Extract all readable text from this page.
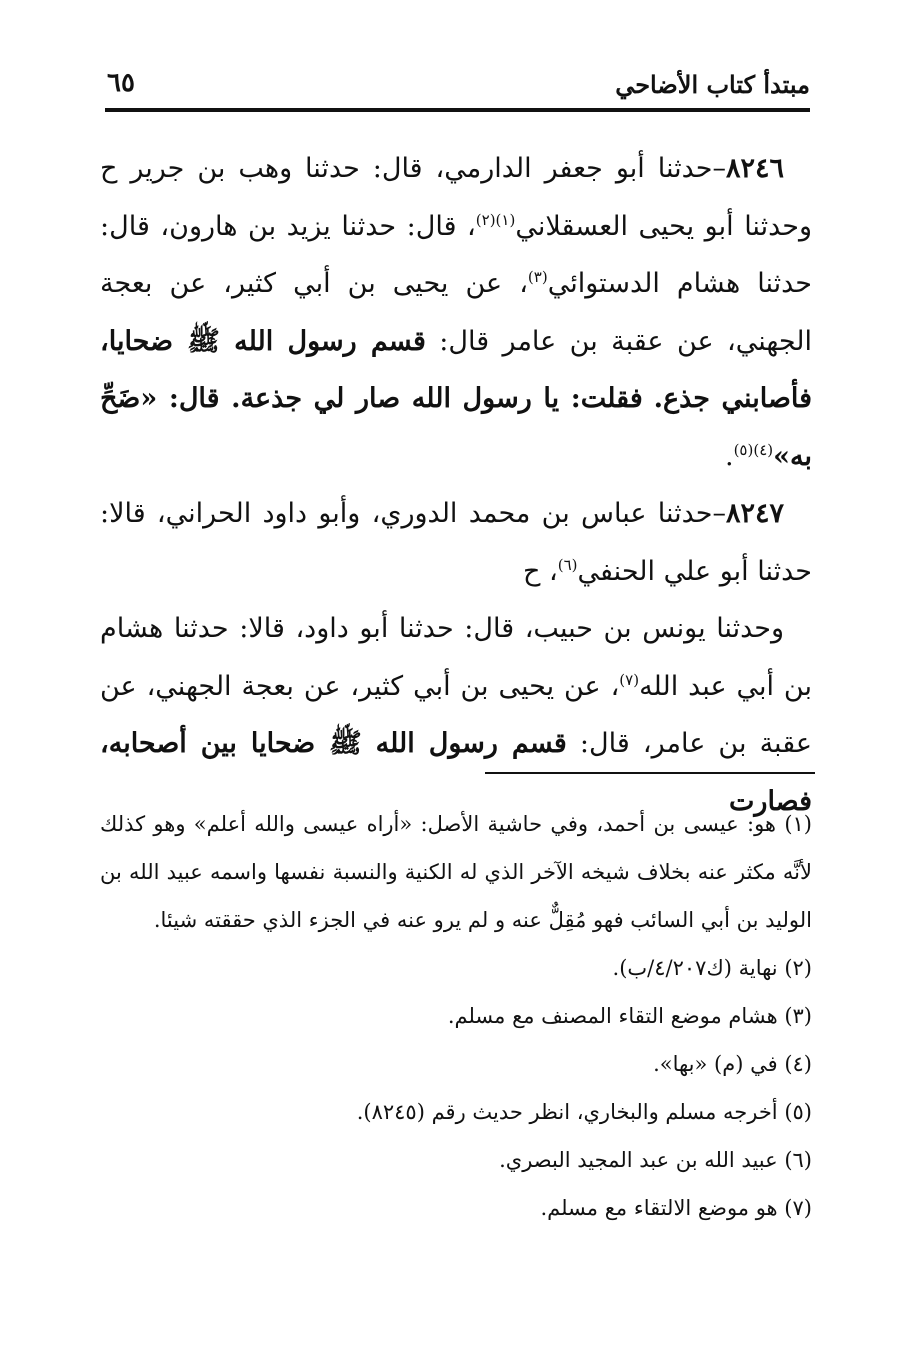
مبتدأ كتاب الأضاحي
٦٥

٨٢٤٦–حدثنا أبو جعفر الدارمي، قال: حدثنا وهب بن جرير ح وحدثنا أبو يحيى العسقلاني$^{(١)(٢)}$، قال: حدثنا يزيد بن هارون، قال: حدثنا هشام الدستوائي$^{(٣)}$، عن يحيى بن أبي كثير، عن بعجة الجهني، عن عقبة بن عامر قال: قسم رسول الله ﷺ ضحايا، فأصابني جذع. فقلت: يا رسول الله صار لي جذعة. قال: «ضَحِّ به»$^{(٤)(٥)}$.

٨٢٤٧–حدثنا عباس بن محمد الدوري، وأبو داود الحراني، قالا: حدثنا أبو علي الحنفي$^{(٦)}$، ح

وحدثنا يونس بن حبيب، قال: حدثنا أبو داود، قالا: حدثنا هشام بن أبي عبد الله$^{(٧)}$، عن يحيى بن أبي كثير، عن بعجة الجهني، عن عقبة بن عامر، قال: قسم رسول الله ﷺ ضحايا بين أصحابه، فصارت

(١) هو: عيسى بن أحمد، وفي حاشية الأصل: «أراه عيسى والله أعلم» وهو كذلك لأنَّه مكثر عنه بخلاف شيخه الآخر الذي له الكنية والنسبة نفسها واسمه عبيد الله بن الوليد بن أبي السائب فهو مُقِلٌّ عنه و لم يرو عنه في الجزء الذي حققته شيئا.

(٢) نهاية (ك٤/٢٠٧/ب).

(٣) هشام موضع التقاء المصنف مع مسلم.

(٤) في (م) «بها».

(٥) أخرجه مسلم والبخاري، انظر حديث رقم (٨٢٤٥).

(٦) عبيد الله بن عبد المجيد البصري.

(٧) هو موضع الالتقاء مع مسلم.
